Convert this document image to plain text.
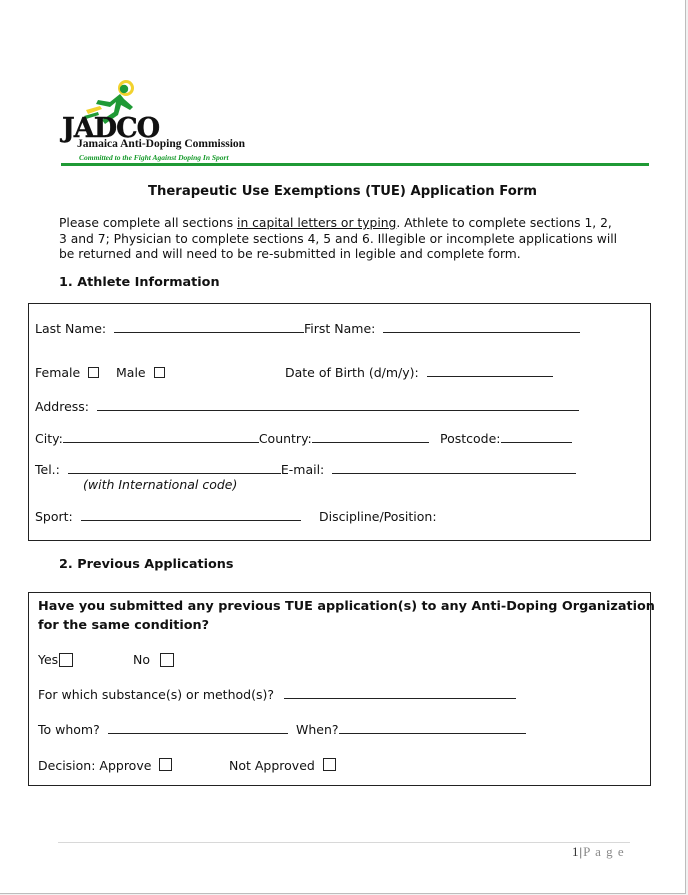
JADCO
Jamaica Anti-Doping Commission
Committed to the Fight Against Doping In Sport
Therapeutic Use Exemptions (TUE) Application Form
Please complete all sections in capital letters or typing. Athlete to complete sections 1, 2,
3 and 7; Physician to complete sections 4, 5 and 6. Illegible or incomplete applications will
be returned and will need to be re-submitted in legible and complete form.
1. Athlete Information
Last Name:	First Name:
Female	Male	Date of Birth (d/m/y):
Address:
City:	Country:	Postcode:
Tel.:	E-mail:
(with International code)
Sport:	Discipline/Position:
2. Previous Applications
Have you submitted any previous TUE application(s) to any Anti-Doping Organization
for the same condition?
Yes	No
For which substance(s) or method(s)?
To whom?	When?
Decision: Approve	Not Approved
1|P a g e
